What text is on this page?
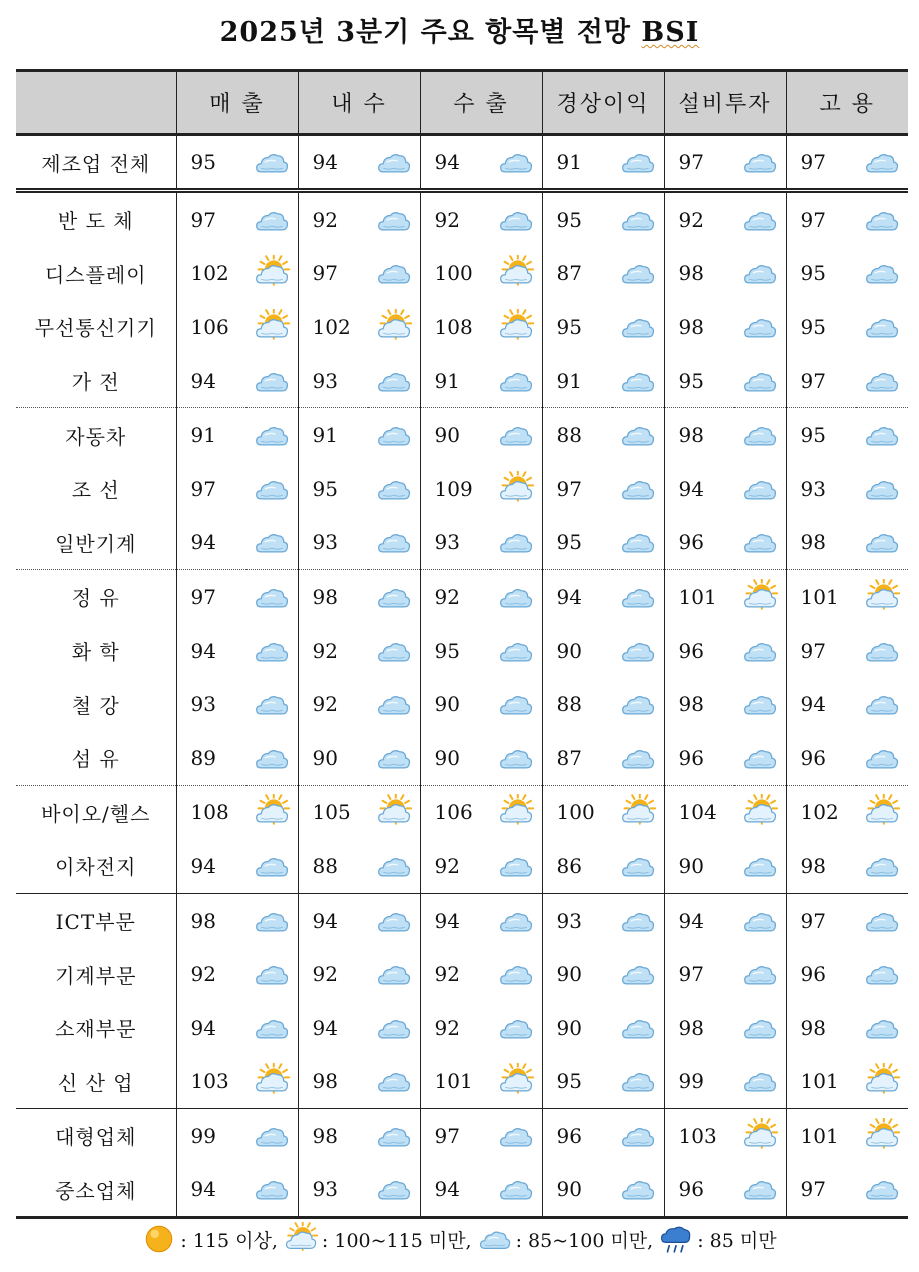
2025년 3분기 주요 항목별 전망 BSI
	매 출		내 수		수 출		경상이익		설비투자		고 용	
제조업 전체	95		94		94		91		97		97	
반 도 체	97		92		92		95		92		97	
디스플레이	102		97		100		87		98		95	
무선통신기기	106		102		108		95		98		95	
가 전	94		93		91		91		95		97	
자동차	91		91		90		88		98		95	
조 선	97		95		109		97		94		93	
일반기계	94		93		93		95		96		98	
정 유	97		98		92		94		101		101	
화 학	94		92		95		90		96		97	
철 강	93		92		90		88		98		94	
섬 유	89		90		90		87		96		96	
바이오/헬스	108		105		106		100		104		102	
이차전지	94		88		92		86		90		98	
ICT부문	98		94		94		93		94		97	
기계부문	92		92		92		90		97		96	
소재부문	94		94		92		90		98		98	
신 산 업	103		98		101		95		99		101	
대형업체	99		98		97		96		103		101	
중소업체	94		93		94		90		96		97	
: 115 이상, : 100~115 미만, : 85~100 미만, : 85 미만
